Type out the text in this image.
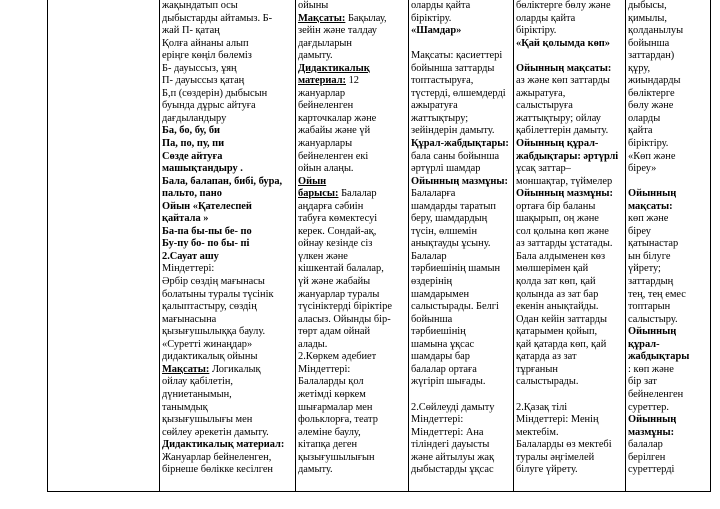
жақындатып осы
дыбыстарды айтамыз. Б-
жай П- қатаң
Қолға айнаны алып
еріңге көңіл бөлеміз
Б- дауыссыз, ұяң
П- дауыссыз қатаң
Б,п (сөздерін) дыбысын
буында дұрыс айтуға
дағдыландыру
Ба, бо, бу, би
Па, по, пу, пи
Сөзде айтуға
машықтандыру .
Бала, балапан, бибі, бура,
пальто, пано
Ойын «Қателеспей
қайтала »
Ба-па бы-пы бе- по
Бу-пу бо- по бы- пі
2.Сауат ашу
Міндеттері:
Әрбір сөздің мағынасы
болатыны туралы түсінік
қалыптастыру, сөздің
мағынасына
қызығушылыққа баулу.
«Суретті жинаңдар»
дидактикалық ойыны
Мақсаты: Логикалық
ойлау қабілетін,
дүниетанымын,
танымдық
қызығушылығы мен
сөйлеу әрекетін дамыту.
Дидактикалық материал:
Жануарлар бейнеленген,
бірнеше бөлікке кесілген
ойыны
Мақсаты: Бақылау,
зейін және талдау
дағдыларын
дамыту.
Дидактикалық
материал: 12
жануарлар
бейнеленген
карточкалар және
жабайы және үй
жануарлары
бейнеленген екі
ойын алаңы.
Ойын
барысы: Балалар
аңдарға сәбиін
табуға көмектесуі
керек. Сондай-ақ,
ойнау кезінде сіз
үлкен және
кішкентай балалар,
үй және жабайы
жануарлар туралы
түсініктерді біріктіре
аласыз. Ойынды бір-
төрт адам ойнай
алады.
2.Көркем әдебиет
Міндеттері:
Балаларды қол
жетімді көркем
шығармалар мен
фольклорға, театр
әлеміне баулу,
кітапқа деген
қызығушылығын
дамыту.
оларды қайта
біріктіру.
«Шамдар»
Мақсаты: қасиеттері
бойынша заттарды
топтастыруға,
түстерді, өлшемдерді
ажыратуға
жаттықтыру;
зейіндерін дамыту.
Құрал-жабдықтары:
бала саны бойынша
әртүрлі шамдар
Ойынның мазмұны:
Балаларға
шамдарды таратып
беру, шамдардың
түсін, өлшемін
анықтауды ұсыну.
Балалар
тәрбиешінің шамын
өздерінің
шамдарымен
салыстырады. Белгі
бойынша
тәрбиешінің
шамына ұқсас
шамдары бар
балалар ортаға
жүгіріп шығады.
2.Сөйлеуді дамыту
Міндеттері:
Міндеттері: Ана
тіліндегі дауысты
және айтылуы жақ
дыбыстарды ұқсас
бөліктерге бөлу және
оларды қайта
біріктіру.
«Қай қолымда көп»
Ойынның мақсаты:
аз және көп заттарды
ажыратуға,
салыстыруға
жаттықтыру; ойлау
қабілеттерін дамыту.
Ойынның құрал-
жабдықтары: әртүрлі
ұсақ заттар–
моншақтар, түймелер
Ойынның мазмұны:
ортаға бір баланы
шақырып, оң және
сол қолына көп және
аз заттарды ұстатады.
Бала алдыменен көз
мөлшерімен қай
қолда зат көп, қай
қолында аз зат бар
екенін анықтайды.
Одан кейін заттарды
қатарымен қойып,
қай қатарда көп, қай
қатарда аз зат
тұрғанын
салыстырады.
2.Қазақ тілі
Міндеттері: Менің
мектебім.
Балаларды өз мектебі
туралы әңгімелей
білуге үйрету.
дыбысы,
қимылы,
қолданылуы
бойынша
заттардан)
құру,
жиындарды
бөліктерге
бөлу және
оларды
қайта
біріктіру.
«Көп және
біреу»
Ойынның
мақсаты:
көп және
біреу
қатынастар
ын білуге
үйрету;
заттардың
тең, тең емес
топтарын
салыстыру.
Ойынның
құрал-
жабдықтары
: көп және
бір зат
бейнеленген
суреттер.
Ойынның
мазмұны:
балалар
берілген
суреттерді
